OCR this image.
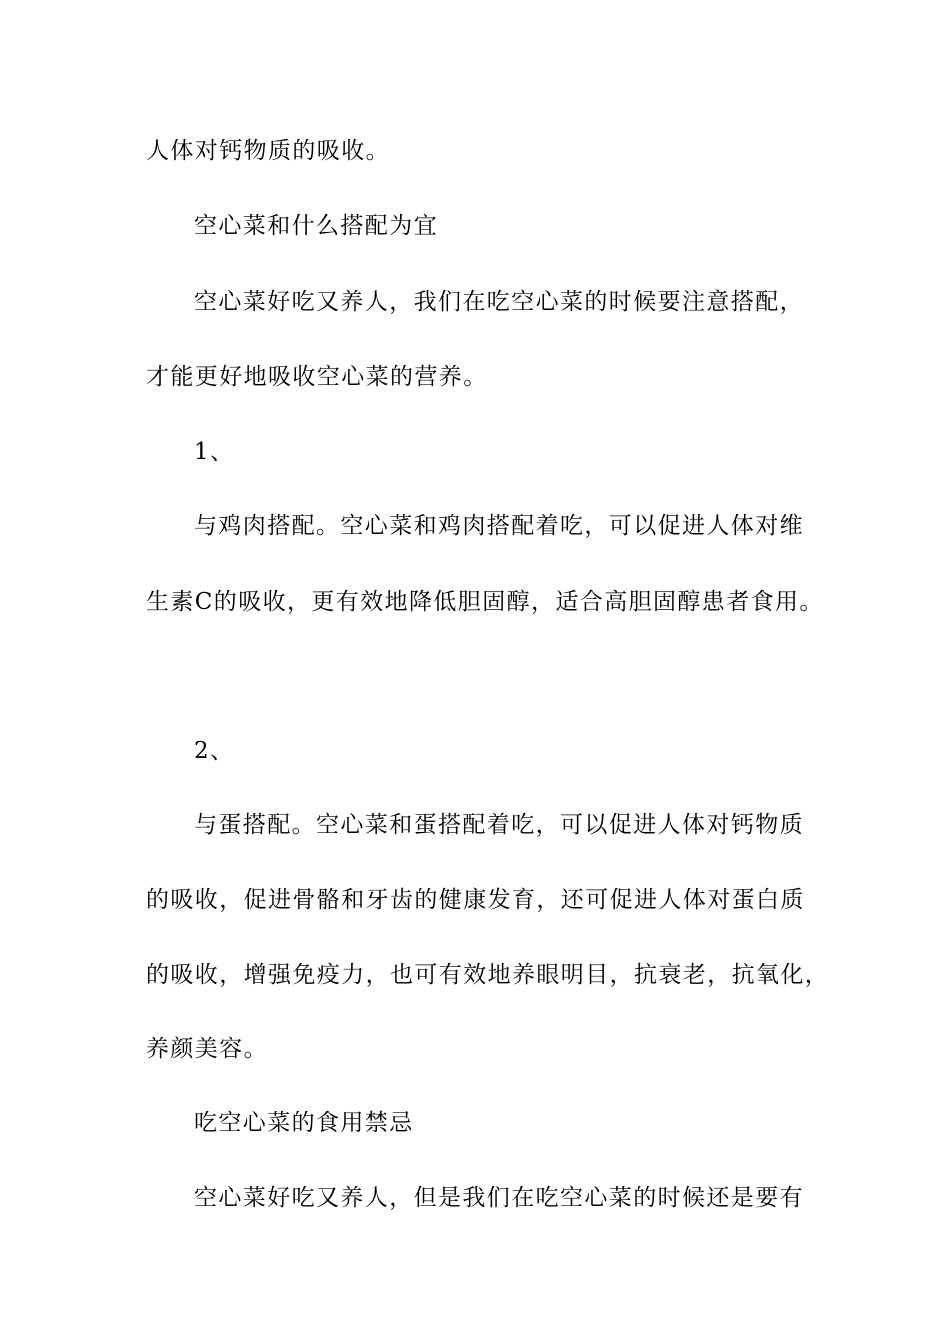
人体对钙物质的吸收。

空心菜和什么搭配为宜

空心菜好吃又养人，我们在吃空心菜的时候要注意搭配，

才能更好地吸收空心菜的营养。

1、

与鸡肉搭配。空心菜和鸡肉搭配着吃，可以促进人体对维

生素C的吸收，更有效地降低胆固醇，适合高胆固醇患者食用。

2、

与蛋搭配。空心菜和蛋搭配着吃，可以促进人体对钙物质

的吸收，促进骨骼和牙齿的健康发育，还可促进人体对蛋白质

的吸收，增强免疫力，也可有效地养眼明目，抗衰老，抗氧化，

养颜美容。

吃空心菜的食用禁忌

空心菜好吃又养人，但是我们在吃空心菜的时候还是要有
